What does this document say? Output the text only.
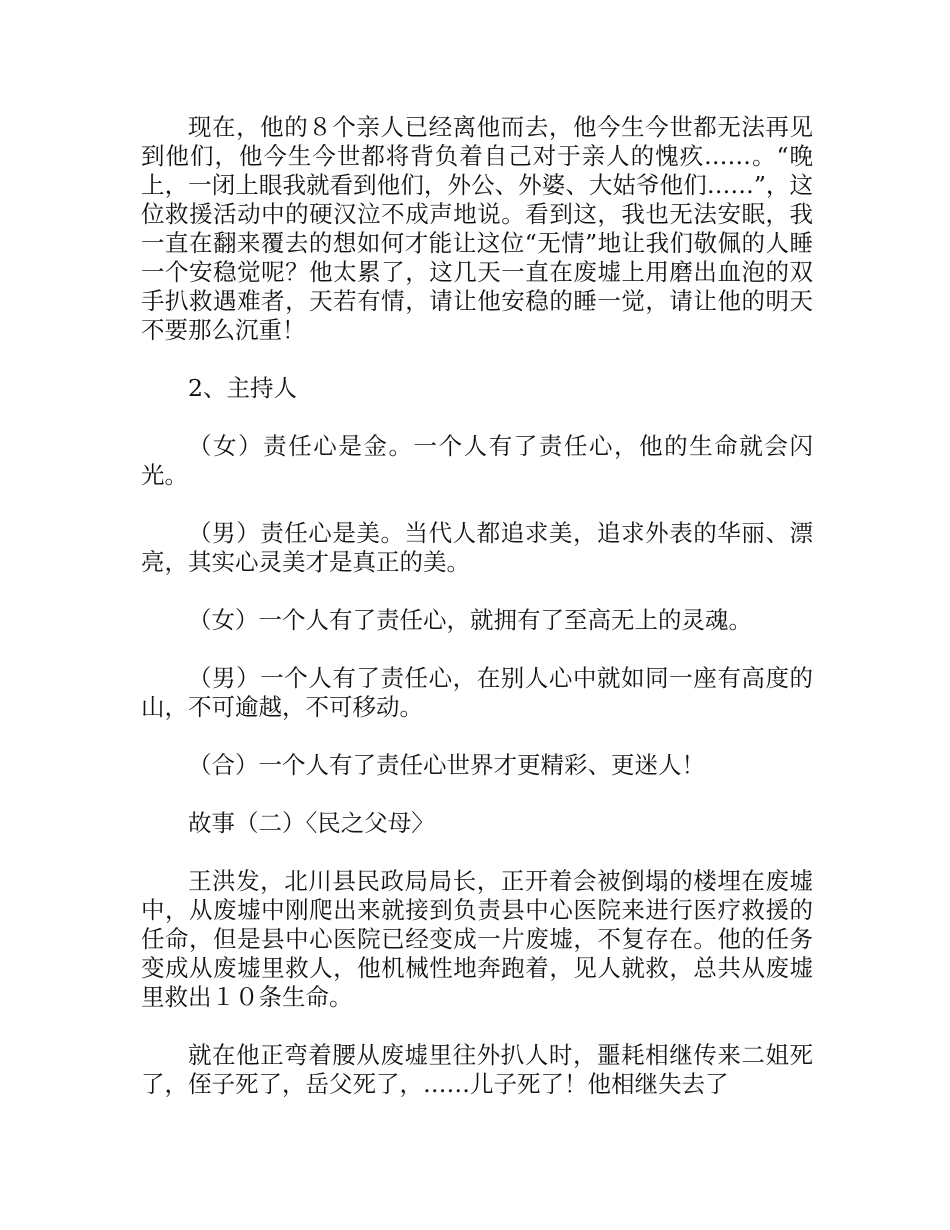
现在，他的８个亲人已经离他而去，他今生今世都无法再见到他们，他今生今世都将背负着自己对于亲人的愧疚……。“晚上，一闭上眼我就看到他们，外公、外婆、大姑爷他们……”，这位救援活动中的硬汉泣不成声地说。看到这，我也无法安眠，我一直在翻来覆去的想如何才能让这位“无情”地让我们敬佩的人睡一个安稳觉呢？他太累了，这几天一直在废墟上用磨出血泡的双手扒救遇难者，天若有情，请让他安稳的睡一觉，请让他的明天不要那么沉重！

2、主持人

（女）责任心是金。一个人有了责任心，他的生命就会闪光。

（男）责任心是美。当代人都追求美，追求外表的华丽、漂亮，其实心灵美才是真正的美。

（女）一个人有了责任心，就拥有了至高无上的灵魂。

（男）一个人有了责任心，在别人心中就如同一座有高度的山，不可逾越，不可移动。

（合）一个人有了责任心世界才更精彩、更迷人！

故事（二）〈民之父母〉

王洪发，北川县民政局局长，正开着会被倒塌的楼埋在废墟中，从废墟中刚爬出来就接到负责县中心医院来进行医疗救援的任命，但是县中心医院已经变成一片废墟，不复存在。他的任务变成从废墟里救人，他机械性地奔跑着，见人就救，总共从废墟里救出１０条生命。

就在他正弯着腰从废墟里往外扒人时，噩耗相继传来二姐死了，侄子死了，岳父死了，……儿子死了！他相继失去了
